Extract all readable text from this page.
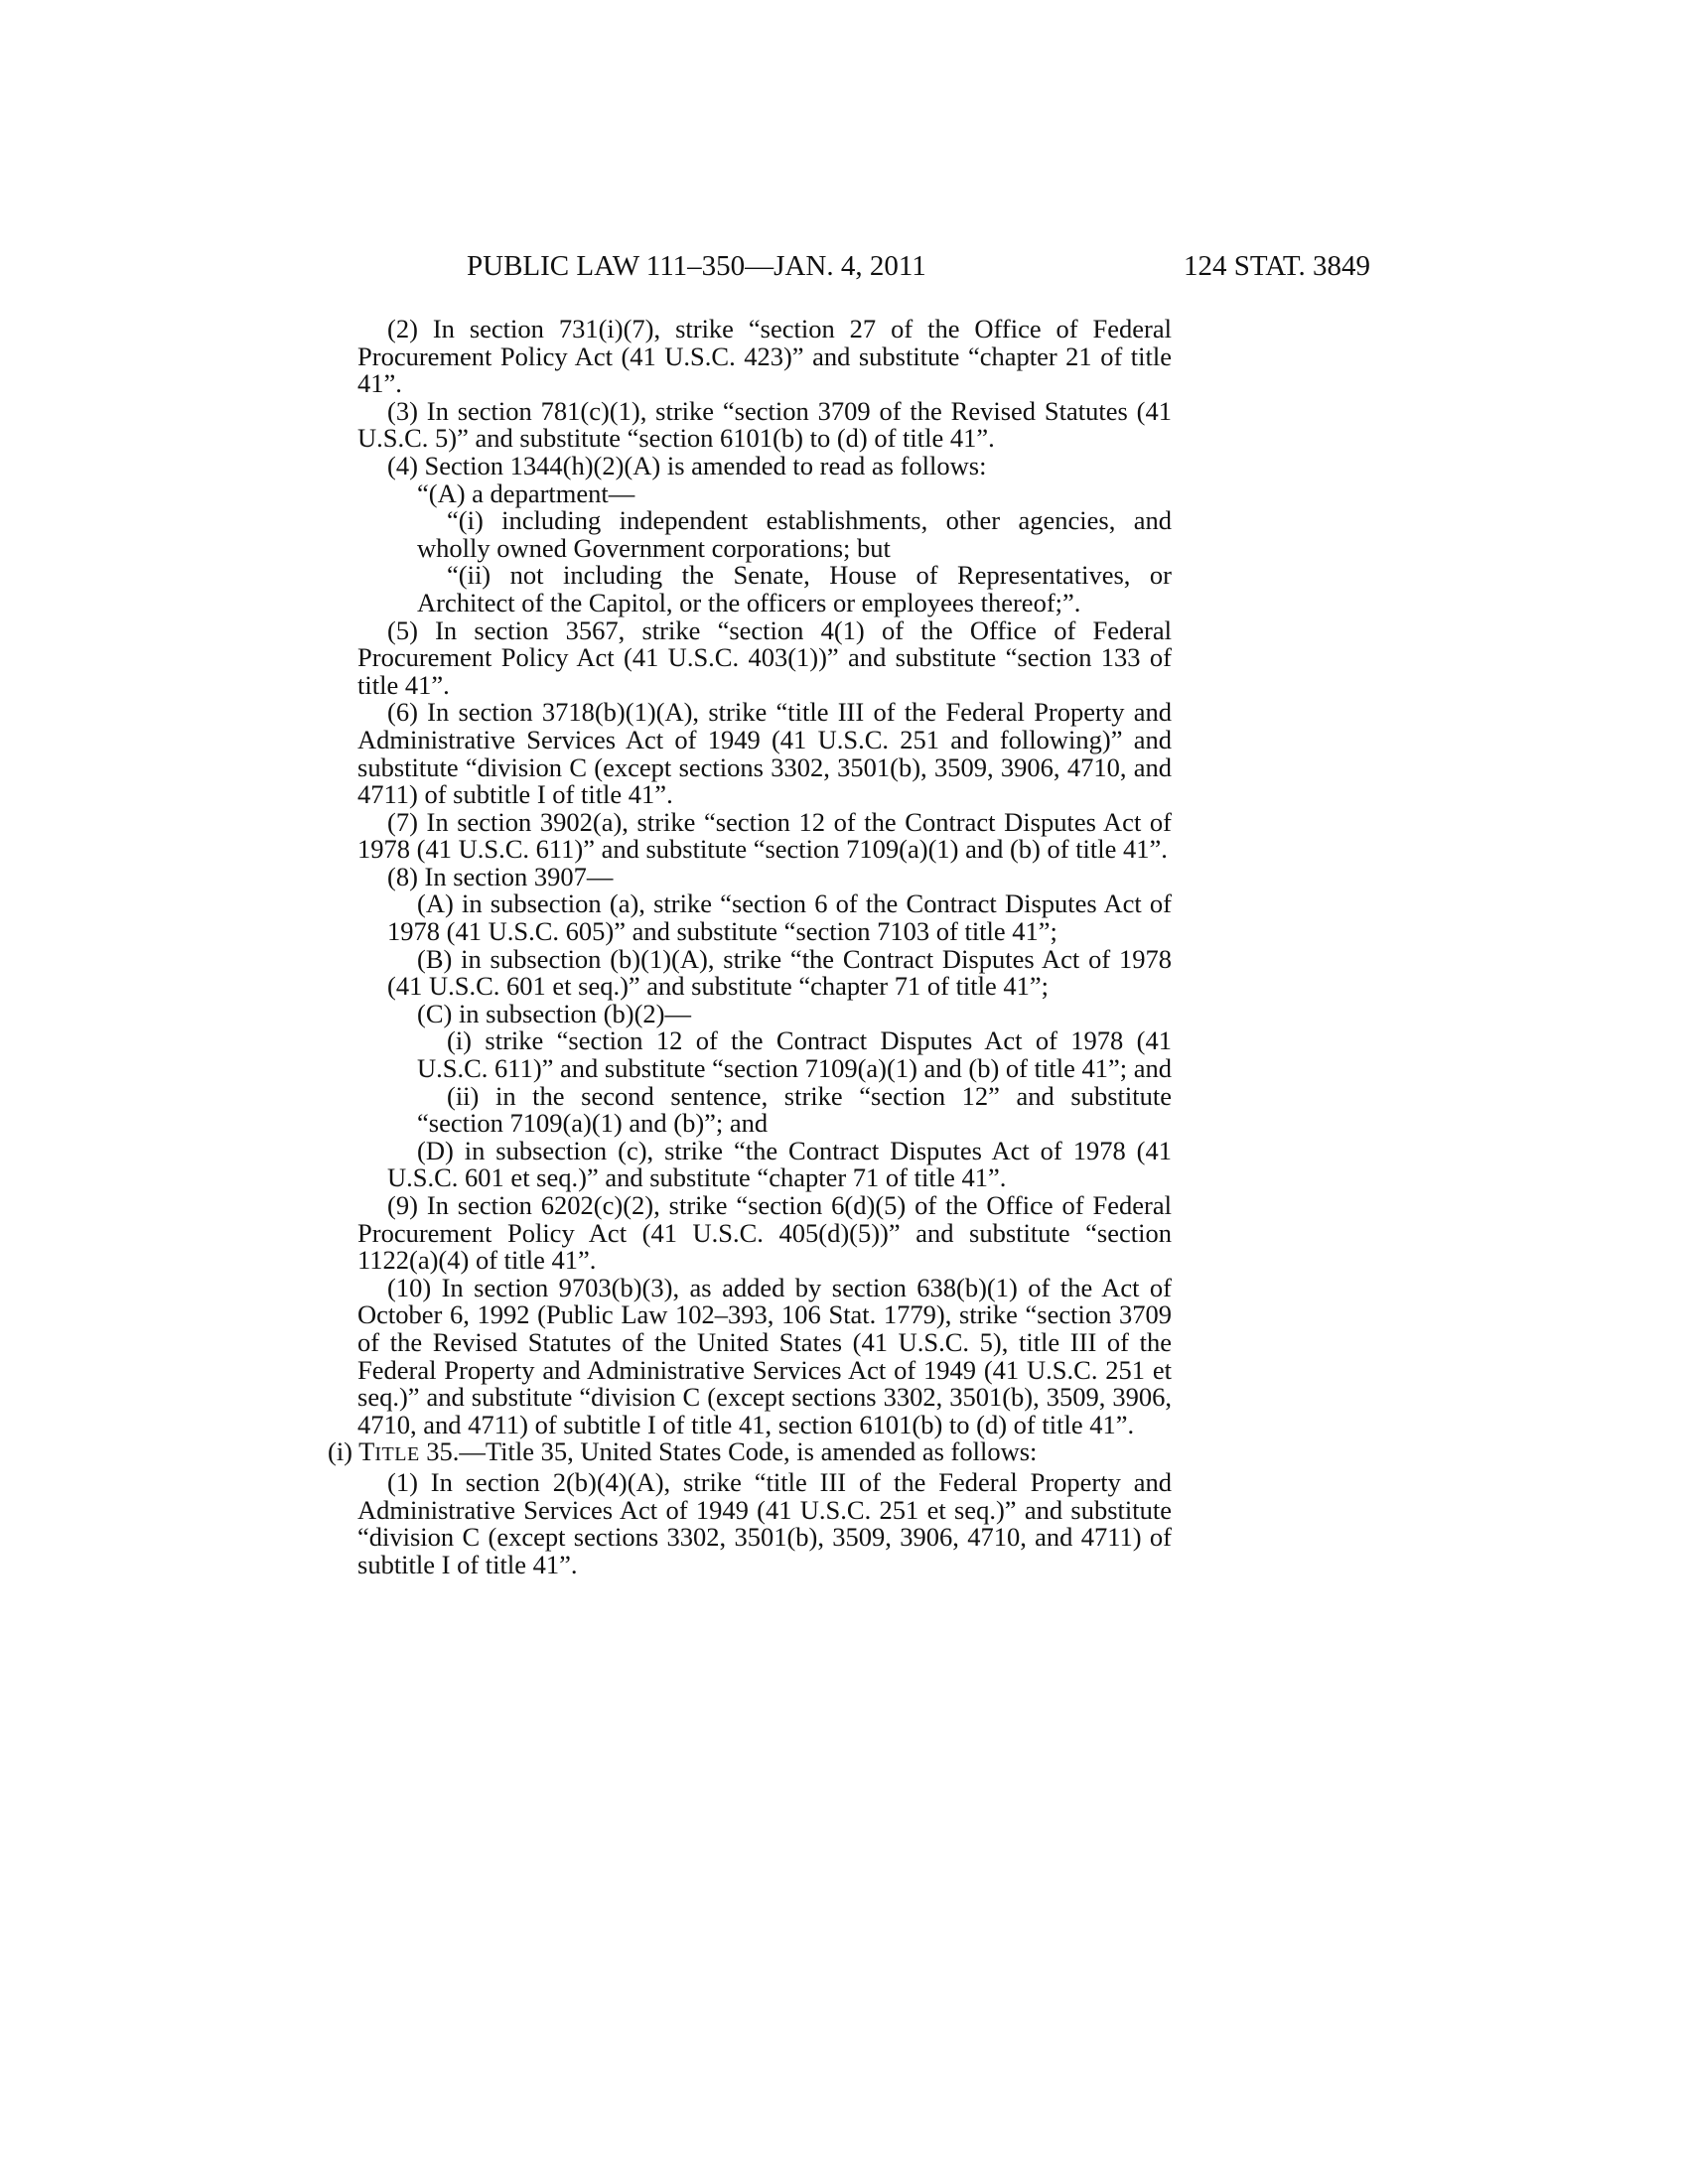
PUBLIC LAW 111–350—JAN. 4, 2011	124 STAT. 3849

(2) In section 731(i)(7), strike “section 27 of the Office of Federal Procurement Policy Act (41 U.S.C. 423)” and substitute “chapter 21 of title 41”.

(3) In section 781(c)(1), strike “section 3709 of the Revised Statutes (41 U.S.C. 5)” and substitute “section 6101(b) to (d) of title 41”.

(4) Section 1344(h)(2)(A) is amended to read as follows:

“(A) a department—

“(i) including independent establishments, other agencies, and wholly owned Government corporations; but

“(ii) not including the Senate, House of Representatives, or Architect of the Capitol, or the officers or employees thereof;”.

(5) In section 3567, strike “section 4(1) of the Office of Federal Procurement Policy Act (41 U.S.C. 403(1))” and substitute “section 133 of title 41”.

(6) In section 3718(b)(1)(A), strike “title III of the Federal Property and Administrative Services Act of 1949 (41 U.S.C. 251 and following)” and substitute “division C (except sections 3302, 3501(b), 3509, 3906, 4710, and 4711) of subtitle I of title 41”.

(7) In section 3902(a), strike “section 12 of the Contract Disputes Act of 1978 (41 U.S.C. 611)” and substitute “section 7109(a)(1) and (b) of title 41”.

(8) In section 3907—

(A) in subsection (a), strike “section 6 of the Contract Disputes Act of 1978 (41 U.S.C. 605)” and substitute “section 7103 of title 41”;

(B) in subsection (b)(1)(A), strike “the Contract Disputes Act of 1978 (41 U.S.C. 601 et seq.)” and substitute “chapter 71 of title 41”;

(C) in subsection (b)(2)—

(i) strike “section 12 of the Contract Disputes Act of 1978 (41 U.S.C. 611)” and substitute “section 7109(a)(1) and (b) of title 41”; and

(ii) in the second sentence, strike “section 12” and substitute “section 7109(a)(1) and (b)”; and

(D) in subsection (c), strike “the Contract Disputes Act of 1978 (41 U.S.C. 601 et seq.)” and substitute “chapter 71 of title 41”.

(9) In section 6202(c)(2), strike “section 6(d)(5) of the Office of Federal Procurement Policy Act (41 U.S.C. 405(d)(5))” and substitute “section 1122(a)(4) of title 41”.

(10) In section 9703(b)(3), as added by section 638(b)(1) of the Act of October 6, 1992 (Public Law 102–393, 106 Stat. 1779), strike “section 3709 of the Revised Statutes of the United States (41 U.S.C. 5), title III of the Federal Property and Administrative Services Act of 1949 (41 U.S.C. 251 et seq.)” and substitute “division C (except sections 3302, 3501(b), 3509, 3906, 4710, and 4711) of subtitle I of title 41, section 6101(b) to (d) of title 41”.

(i) TITLE 35.—Title 35, United States Code, is amended as follows:

(1) In section 2(b)(4)(A), strike “title III of the Federal Property and Administrative Services Act of 1949 (41 U.S.C. 251 et seq.)” and substitute “division C (except sections 3302, 3501(b), 3509, 3906, 4710, and 4711) of subtitle I of title 41”.
